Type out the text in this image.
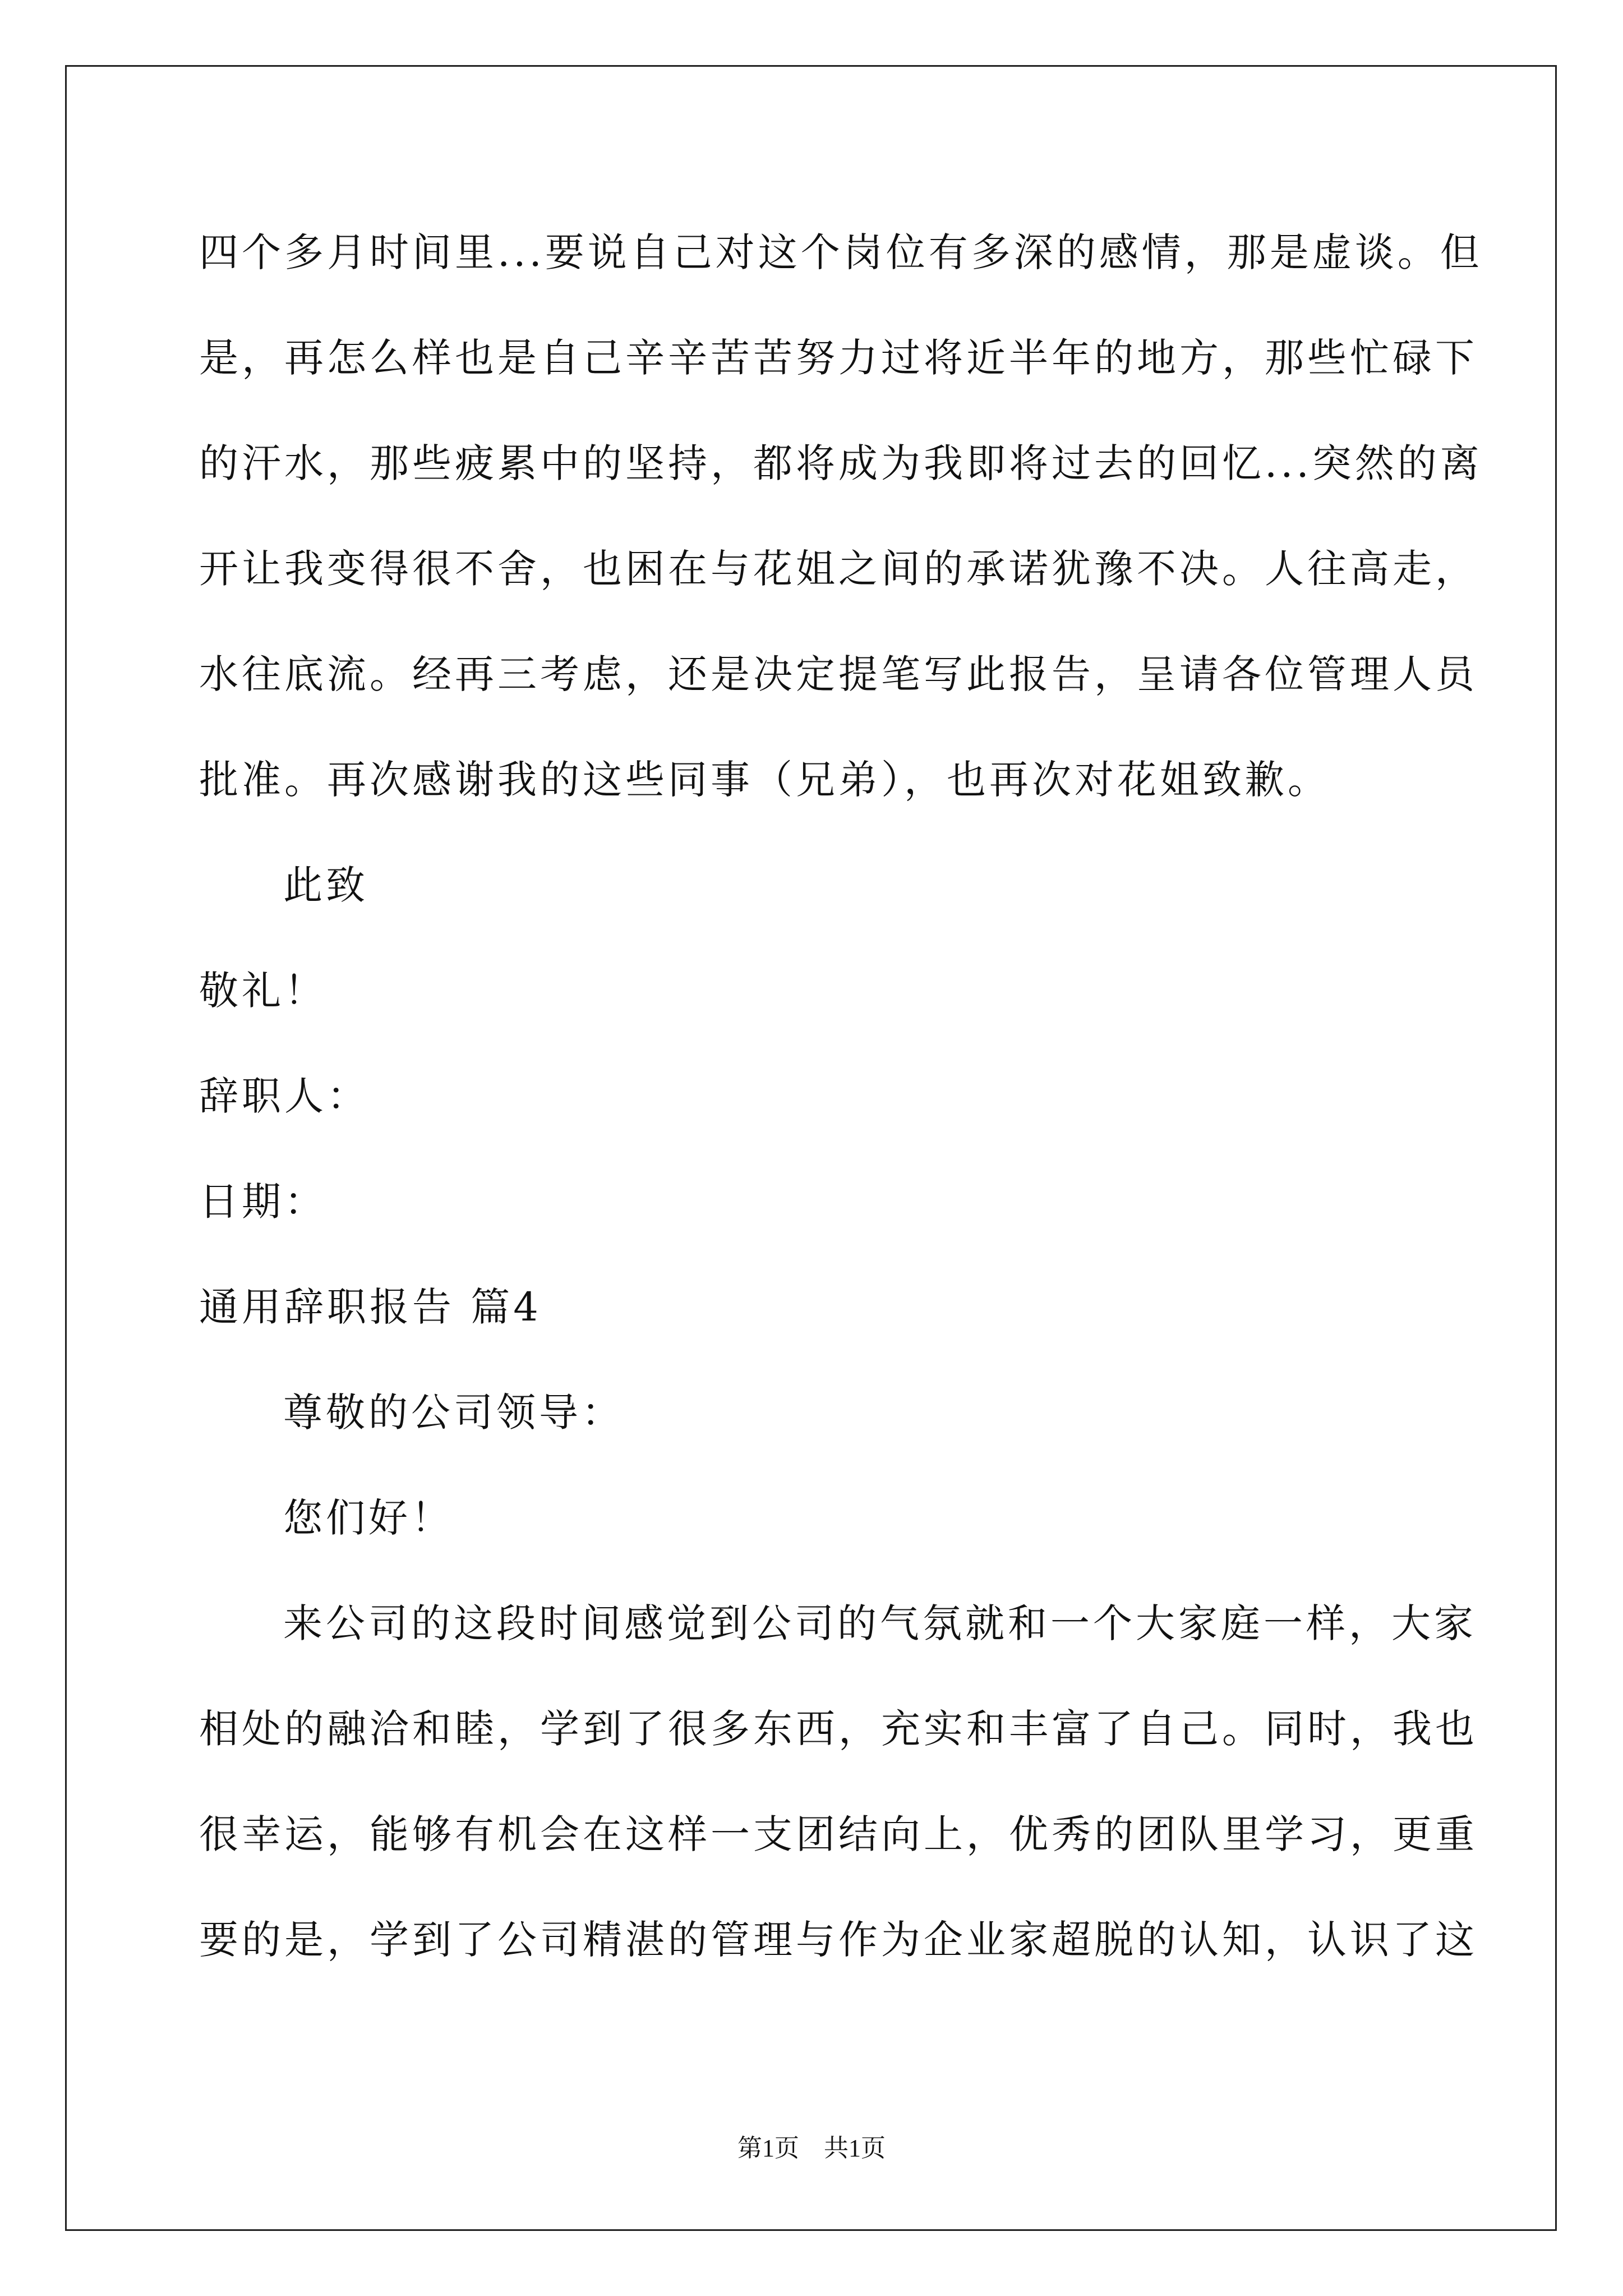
四个多月时间里...要说自己对这个岗位有多深的感情，那是虚谈。但
是，再怎么样也是自己辛辛苦苦努力过将近半年的地方，那些忙碌下
的汗水，那些疲累中的坚持，都将成为我即将过去的回忆...突然的离
开让我变得很不舍，也困在与花姐之间的承诺犹豫不决。人往高走，
水往底流。经再三考虑，还是决定提笔写此报告，呈请各位管理人员
批准。再次感谢我的这些同事（兄弟），也再次对花姐致歉。
此致
敬礼！
辞职人：
日期：
通用辞职报告 篇4
尊敬的公司领导：
您们好！
来公司的这段时间感觉到公司的气氛就和一个大家庭一样，大家
相处的融洽和睦，学到了很多东西，充实和丰富了自己。同时，我也
很幸运，能够有机会在这样一支团结向上，优秀的团队里学习，更重
要的是，学到了公司精湛的管理与作为企业家超脱的认知，认识了这
第1页　共1页
